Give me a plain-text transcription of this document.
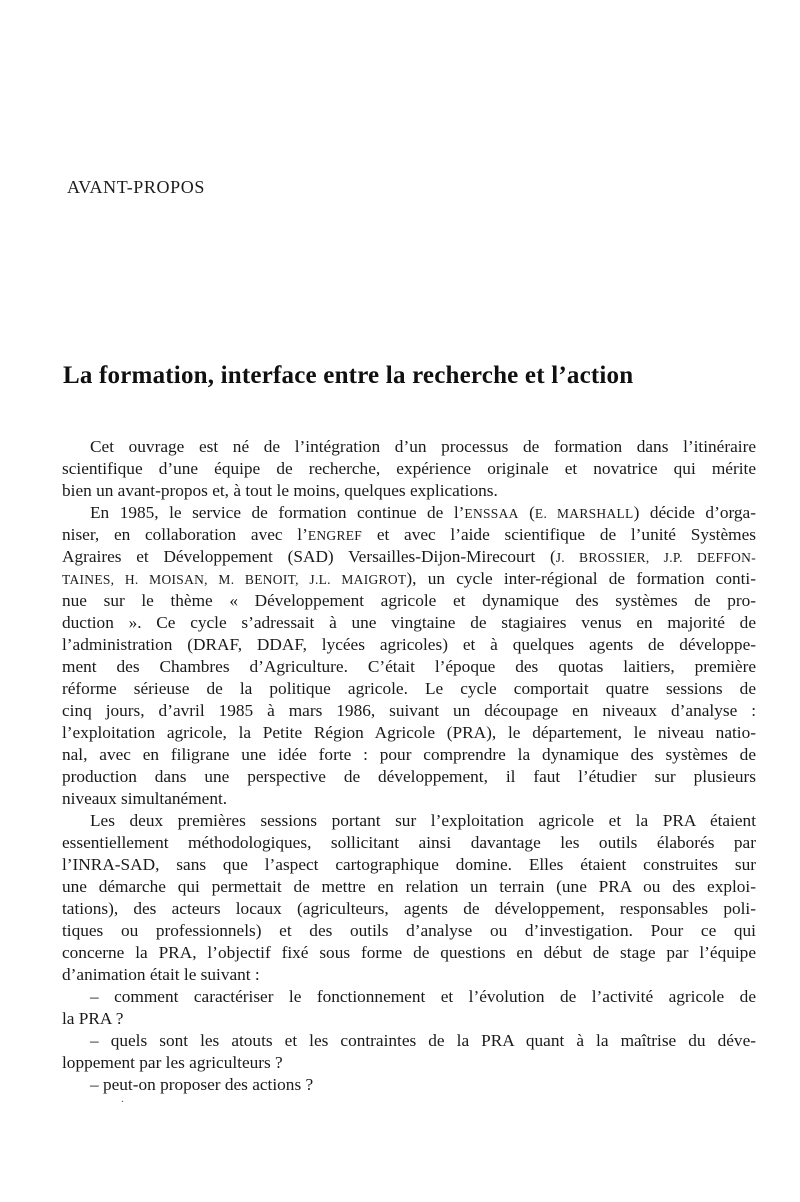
AVANT-PROPOS
La formation, interface entre la recherche et l’action
Cet ouvrage est né de l’intégration d’un processus de formation dans l’itinéraire
scientifique d’une équipe de recherche, expérience originale et novatrice qui mérite
bien un avant-propos et, à tout le moins, quelques explications.
En 1985, le service de formation continue de l’ENSSAA (E. MARSHALL) décide d’orga-
niser, en collaboration avec l’ENGREF et avec l’aide scientifique de l’unité Systèmes
Agraires et Développement (SAD) Versailles-Dijon-Mirecourt (J. BROSSIER, J.P. DEFFON-
TAINES, H. MOISAN, M. BENOIT, J.L. MAIGROT), un cycle inter-régional de formation conti-
nue sur le thème « Développement agricole et dynamique des systèmes de pro-
duction ». Ce cycle s’adressait à une vingtaine de stagiaires venus en majorité de
l’administration (DRAF, DDAF, lycées agricoles) et à quelques agents de développe-
ment des Chambres d’Agriculture. C’était l’époque des quotas laitiers, première
réforme sérieuse de la politique agricole. Le cycle comportait quatre sessions de
cinq jours, d’avril 1985 à mars 1986, suivant un découpage en niveaux d’analyse :
l’exploitation agricole, la Petite Région Agricole (PRA), le département, le niveau natio-
nal, avec en filigrane une idée forte : pour comprendre la dynamique des systèmes de
production dans une perspective de développement, il faut l’étudier sur plusieurs
niveaux simultanément.
Les deux premières sessions portant sur l’exploitation agricole et la PRA étaient
essentiellement méthodologiques, sollicitant ainsi davantage les outils élaborés par
l’INRA-SAD, sans que l’aspect cartographique domine. Elles étaient construites sur
une démarche qui permettait de mettre en relation un terrain (une PRA ou des exploi-
tations), des acteurs locaux (agriculteurs, agents de développement, responsables poli-
tiques ou professionnels) et des outils d’analyse ou d’investigation. Pour ce qui
concerne la PRA, l’objectif fixé sous forme de questions en début de stage par l’équipe
d’animation était le suivant :
– comment caractériser le fonctionnement et l’évolution de l’activité agricole de
la PRA ?
– quels sont les atouts et les contraintes de la PRA quant à la maîtrise du déve-
loppement par les agriculteurs ?
– peut-on proposer des actions ?
.
